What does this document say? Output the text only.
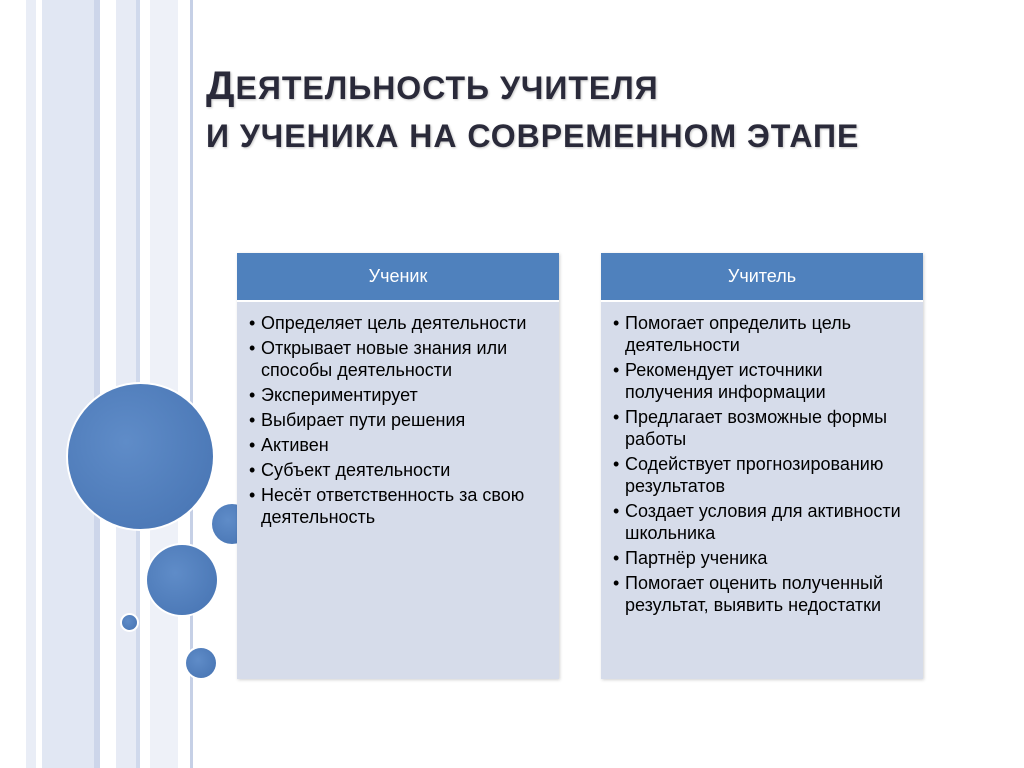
ДЕЯТЕЛЬНОСТЬ УЧИТЕЛЯ
И УЧЕНИКА НА СОВРЕМЕННОМ ЭТАПЕ
Ученик
• Определяет цель деятельности
• Открывает новые знания или способы деятельности
• Экспериментирует
• Выбирает пути решения
• Активен
• Субъект деятельности
• Несёт ответственность за свою деятельность
Учитель
• Помогает определить цель деятельности
• Рекомендует источники получения информации
• Предлагает возможные формы работы
• Содействует прогнозированию результатов
• Создает условия для активности школьника
• Партнёр ученика
• Помогает оценить полученный результат, выявить недостатки
